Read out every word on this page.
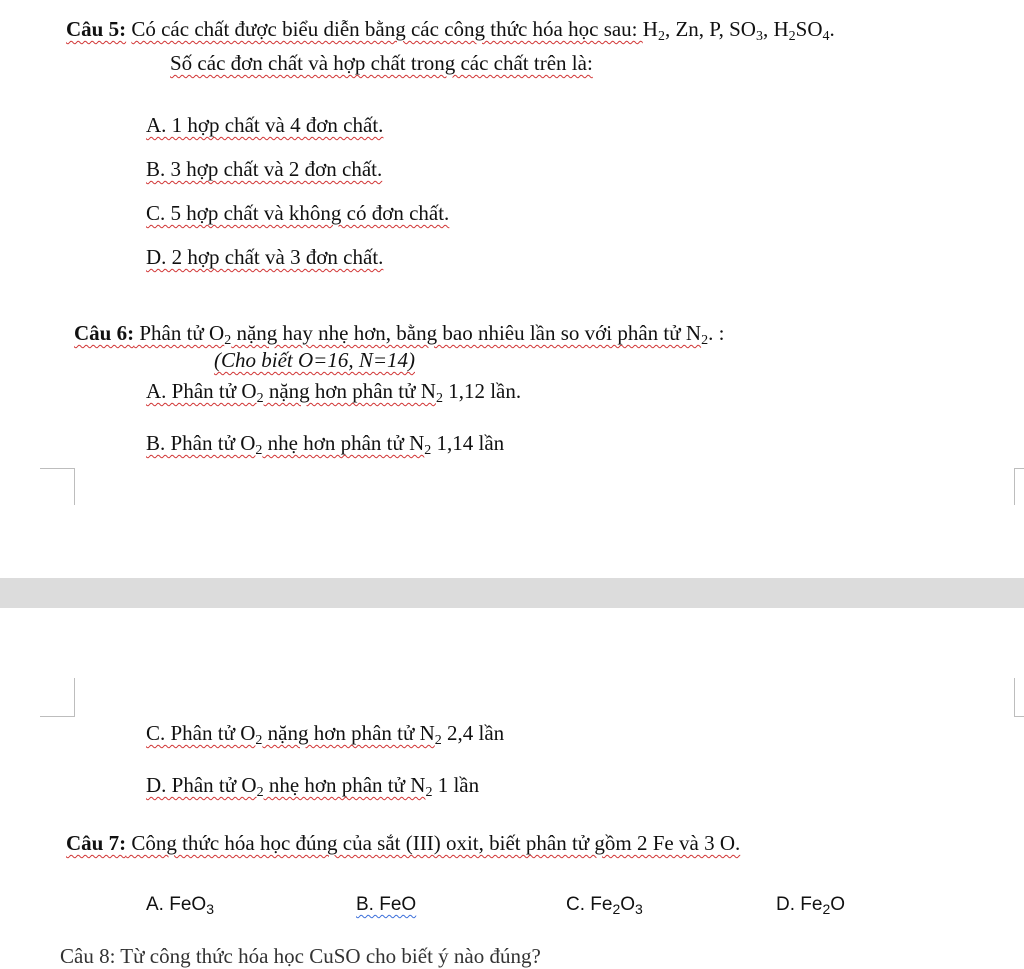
Câu 5: Có các chất được biểu diễn bằng các công thức hóa học sau: $H_2$, Zn, P, $SO_3$, $H_2SO_4$.
Số các đơn chất và hợp chất trong các chất trên là:
A. 1 hợp chất và 4 đơn chất.
B. 3 hợp chất và 2 đơn chất.
C. 5 hợp chất và không có đơn chất.
D. 2 hợp chất và 3 đơn chất.
Câu 6: Phân tử $O_2$ nặng hay nhẹ hơn, bằng bao nhiêu lần so với phân tử $N_2$. :
(Cho biết O=16, N=14)
A. Phân tử $O_2$ nặng hơn phân tử $N_2$ 1,12 lần.
B. Phân tử $O_2$ nhẹ hơn phân tử $N_2$ 1,14 lần
C. Phân tử $O_2$ nặng hơn phân tử $N_2$ 2,4 lần
D. Phân tử $O_2$ nhẹ hơn phân tử $N_2$ 1 lần
Câu 7: Công thức hóa học đúng của sắt (III) oxit, biết phân tử gồm 2 Fe và 3 O.
A. FeO$_3$	B. FeO	C. $Fe_2O_3$	D. $Fe_2O$
Câu 8: Từ công thức hóa học CuSO cho biết ý nào đúng?
